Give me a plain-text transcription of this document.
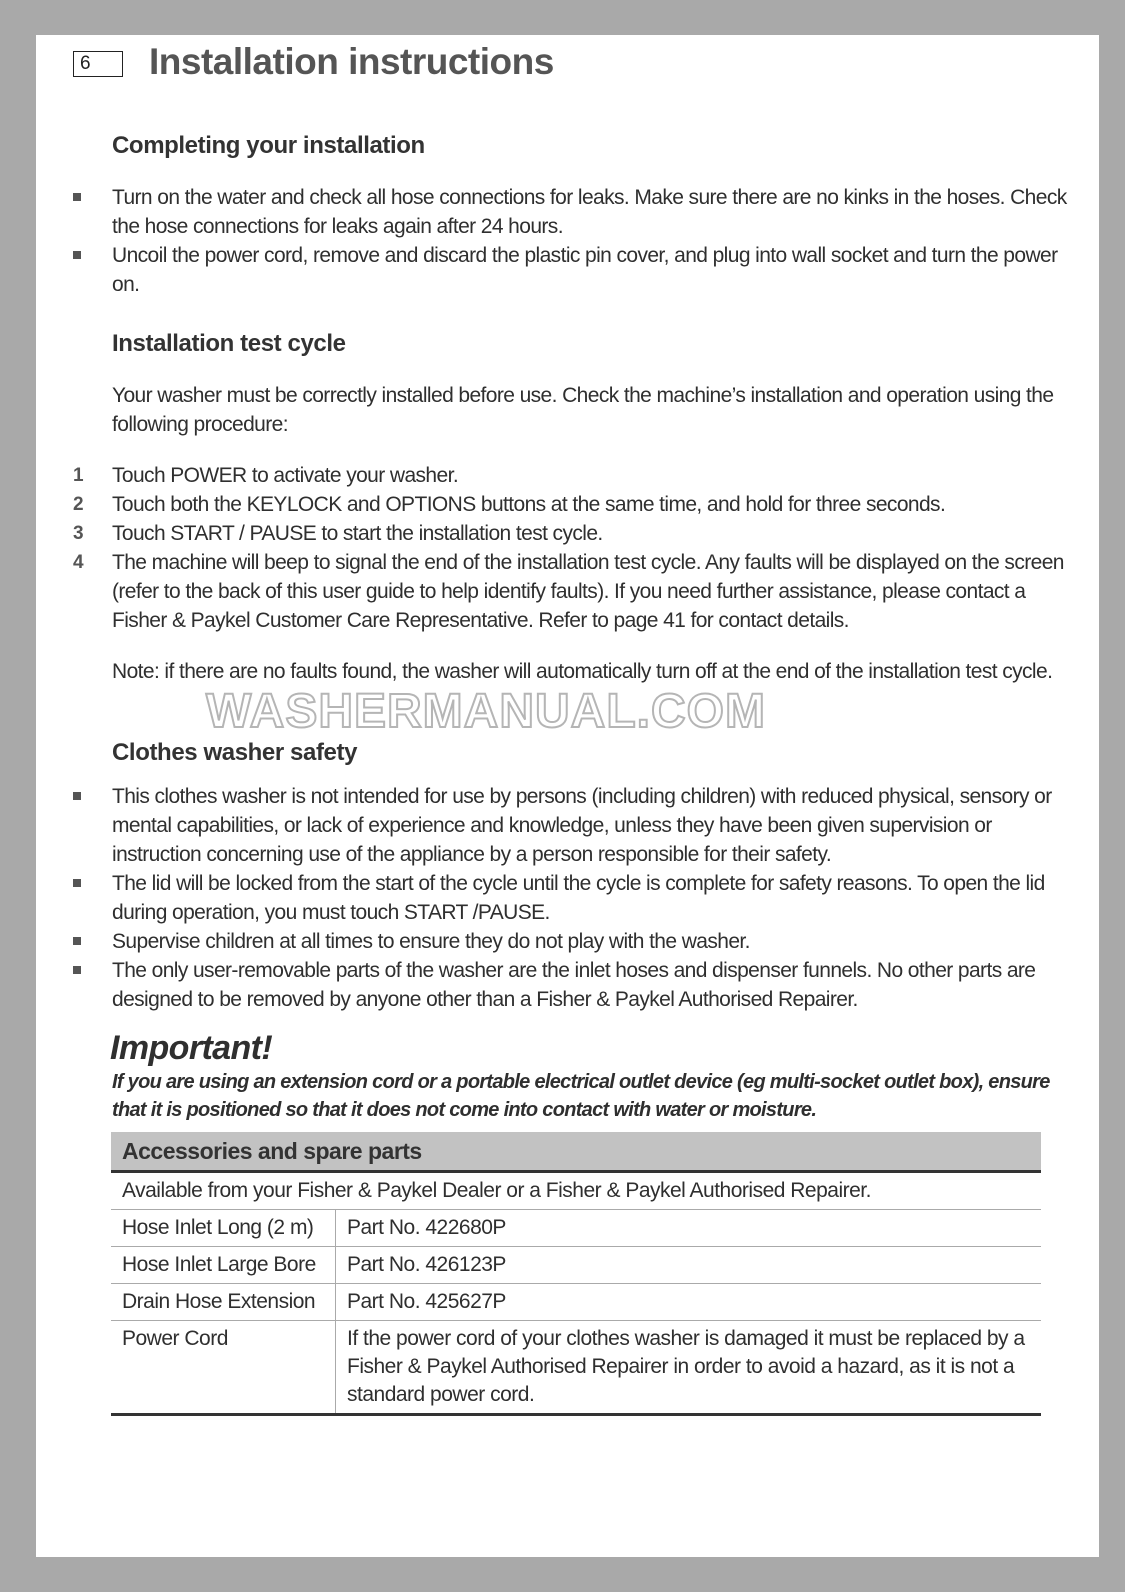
6	Installation instructions
Completing your installation
Turn on the water and check all hose connections for leaks. Make sure there are no kinks in the hoses. Check the hose connections for leaks again after 24 hours.
Uncoil the power cord, remove and discard the plastic pin cover, and plug into wall socket and turn the power on.
Installation test cycle

Your washer must be correctly installed before use. Check the machine’s installation and operation using the following procedure:

1 Touch POWER to activate your washer.
2 Touch both the KEYLOCK and OPTIONS buttons at the same time, and hold for three seconds.
3 Touch START / PAUSE to start the installation test cycle.
4 The machine will beep to signal the end of the installation test cycle. Any faults will be displayed on the screen (refer to the back of this user guide to help identify faults). If you need further assistance, please contact a Fisher & Paykel Customer Care Representative. Refer to page 41 for contact details.

Note: if there are no faults found, the washer will automatically turn off at the end of the installation test cycle.

WASHERMANUAL.COM
Clothes washer safety
This clothes washer is not intended for use by persons (including children) with reduced physical, sensory or mental capabilities, or lack of experience and knowledge, unless they have been given supervision or instruction concerning use of the appliance by a person responsible for their safety.
The lid will be locked from the start of the cycle until the cycle is complete for safety reasons. To open the lid during operation, you must touch START /PAUSE.
Supervise children at all times to ensure they do not play with the washer.
The only user-removable parts of the washer are the inlet hoses and dispenser funnels. No other parts are designed to be removed by anyone other than a Fisher & Paykel Authorised Repairer.
Important!

If you are using an extension cord or a portable electrical outlet device (eg multi-socket outlet box), ensure that it is positioned so that it does not come into contact with water or moisture.

Accessories and spare parts	
Available from your Fisher & Paykel Dealer or a Fisher & Paykel Authorised Repairer.	
Hose Inlet Long (2 m)	Part No. 422680P
Hose Inlet Large Bore	Part No. 426123P
Drain Hose Extension	Part No. 425627P
Power Cord	If the power cord of your clothes washer is damaged it must be replaced by a Fisher & Paykel Authorised Repairer in order to avoid a hazard, as it is not a standard power cord.
